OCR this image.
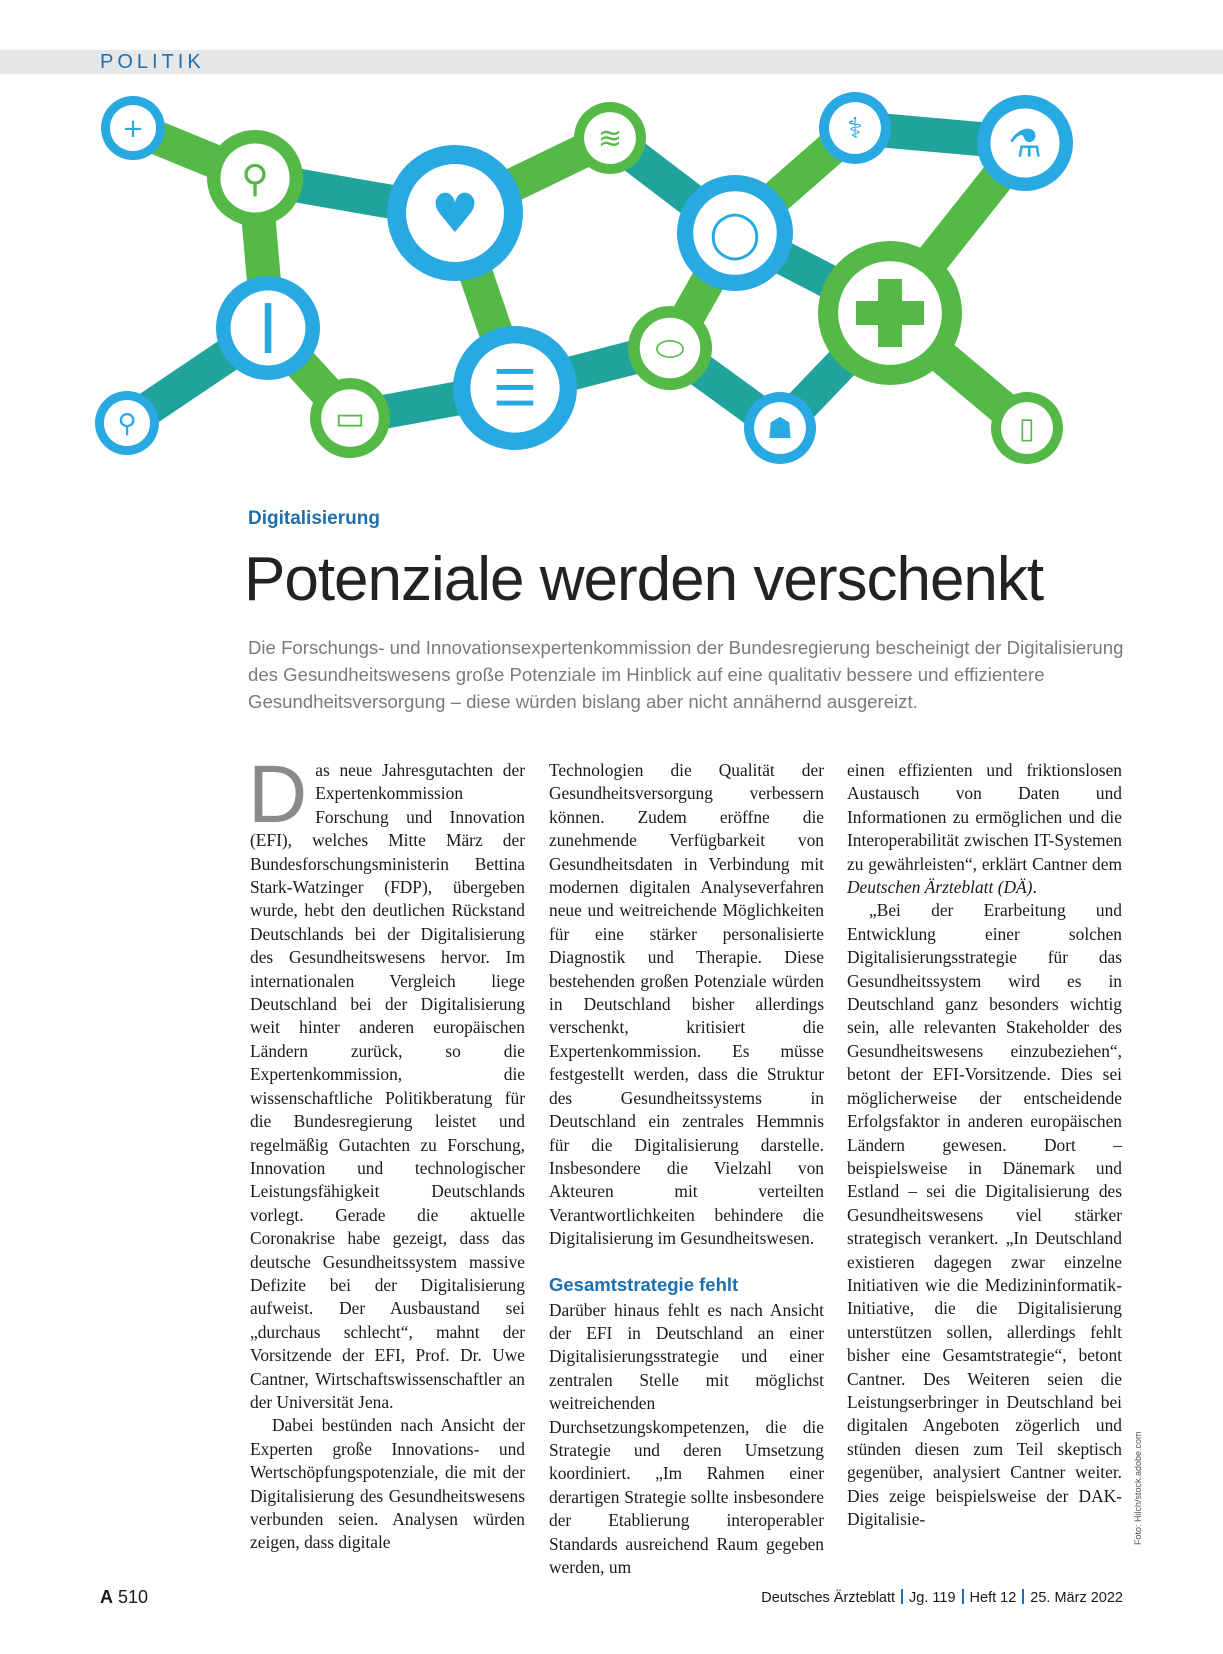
POLITIK
+
⚲
♥
≋
◯
⚕	⚗
┃
⚲	▭
☰
⬭
☗	▯
Digitalisierung
Potenziale werden verschenkt
Die Forschungs- und Innovationsexpertenkommission der Bundesregierung bescheinigt der Digitalisierung des Gesundheitswesens große Potenziale im Hinblick auf eine qualitativ bessere und effizientere Gesundheitsversorgung – diese würden bislang aber nicht annähernd ausgereizt.

Das neue Jahresgutachten der Expertenkommission Forschung und Innovation (EFI), welches Mitte März der Bundesforschungsministerin Bettina Stark-Watzinger (FDP), übergeben wurde, hebt den deutlichen Rückstand Deutschlands bei der Digitalisierung des Gesundheitswesens hervor. Im internationalen Vergleich liege Deutschland bei der Digitalisierung weit hinter anderen europäischen Ländern zurück, so die Expertenkommission, die wissenschaftliche Politikberatung für die Bundesregierung leistet und regelmäßig Gutachten zu Forschung, Innovation und technologischer Leistungsfähigkeit Deutschlands vorlegt. Gerade die aktuelle Coronakrise habe gezeigt, dass das deutsche Gesundheitssystem massive Defizite bei der Digitalisierung aufweist. Der Ausbaustand sei „durchaus schlecht“, mahnt der Vorsitzende der EFI, Prof. Dr. Uwe Cantner, Wirtschaftswissenschaftler an der Universität Jena.

Dabei bestünden nach Ansicht der Experten große Innovations- und Wertschöpfungspotenziale, die mit der Digitalisierung des Gesundheitswesens verbunden seien. Analysen würden zeigen, dass digitale

Technologien die Qualität der Gesundheitsversorgung verbessern können. Zudem eröffne die zunehmende Verfügbarkeit von Gesundheitsdaten in Verbindung mit modernen digitalen Analyseverfahren neue und weitreichende Möglichkeiten für eine stärker personalisierte Diagnostik und Therapie. Diese bestehenden großen Potenziale würden in Deutschland bisher allerdings verschenkt, kritisiert die Expertenkommission. Es müsse festgestellt werden, dass die Struktur des Gesundheitssystems in Deutschland ein zentrales Hemmnis für die Digitalisierung darstelle. Insbesondere die Vielzahl von Akteuren mit verteilten Verantwortlichkeiten behindere die Digitalisierung im Gesundheitswesen.

Gesamtstrategie fehlt

Darüber hinaus fehlt es nach Ansicht der EFI in Deutschland an einer Digitalisierungsstrategie und einer zentralen Stelle mit möglichst weitreichenden Durchsetzungskompetenzen, die die Strategie und deren Umsetzung koordiniert. „Im Rahmen einer derartigen Strategie sollte insbesondere der Etablierung interoperabler Standards ausreichend Raum gegeben werden, um

einen effizienten und friktionslosen Austausch von Daten und Informationen zu ermöglichen und die Interoperabilität zwischen IT-Systemen zu gewährleisten“, erklärt Cantner dem Deutschen Ärzteblatt (DÄ).

„Bei der Erarbeitung und Entwicklung einer solchen Digitalisierungsstrategie für das Gesundheitssystem wird es in Deutschland ganz besonders wichtig sein, alle relevanten Stakeholder des Gesundheitswesens einzubeziehen“, betont der EFI-Vorsitzende. Dies sei möglicherweise der entscheidende Erfolgsfaktor in anderen europäischen Ländern gewesen. Dort – beispielsweise in Dänemark und Estland – sei die Digitalisierung des Gesundheitswesens viel stärker strategisch verankert. „In Deutschland existieren dagegen zwar einzelne Initiativen wie die Medizininformatik-Initiative, die die Digitalisierung unterstützen sollen, allerdings fehlt bisher eine Gesamtstrategie“, betont Cantner. Des Weiteren seien die Leistungserbringer in Deutschland bei digitalen Angeboten zögerlich und stünden diesen zum Teil skeptisch gegenüber, analysiert Cantner weiter. Dies zeige beispielsweise der DAK-Digitalisie-	Foto: Hilch/stock.adobe.com
A 510	Deutsches Ärzteblatt Jg. 119 Heft 12 25. März 2022
